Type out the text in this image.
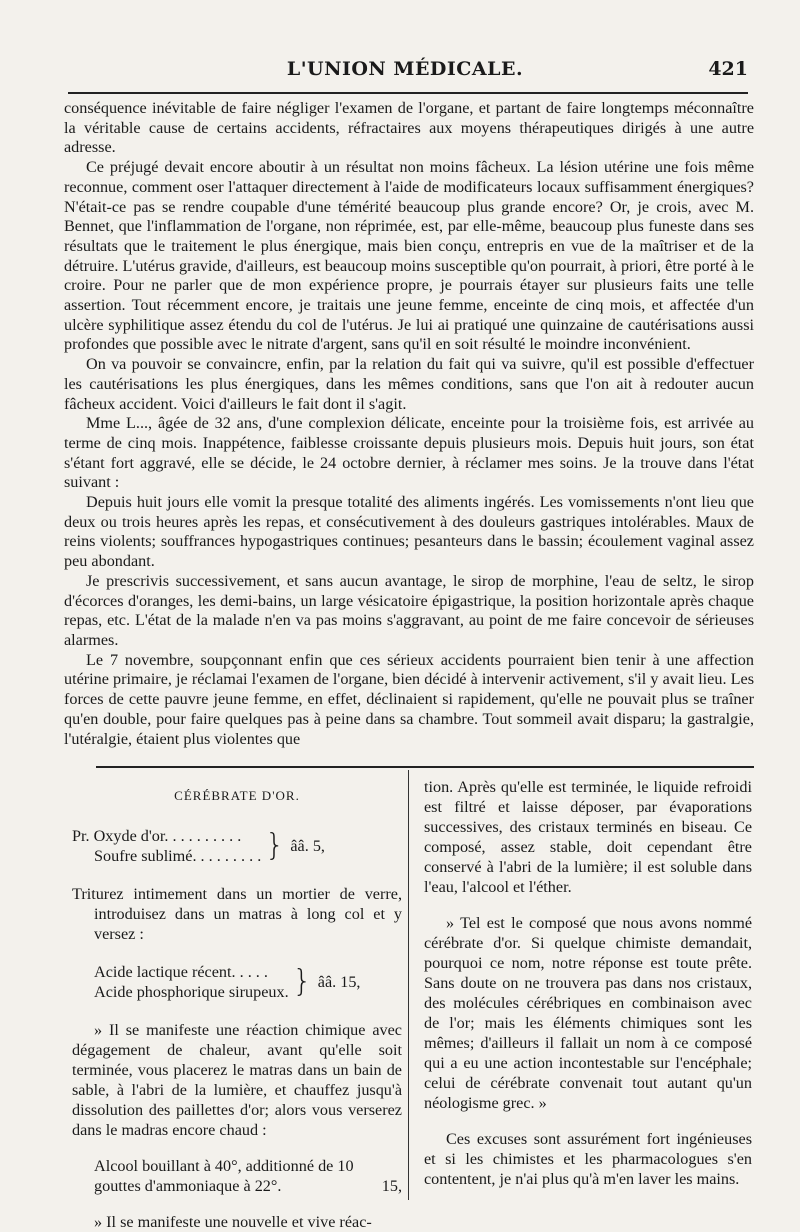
L'UNION MÉDICALE.	421

conséquence inévitable de faire négliger l'examen de l'organe, et partant de faire longtemps méconnaître la véritable cause de certains accidents, réfractaires aux moyens thérapeutiques dirigés à une autre adresse.

Ce préjugé devait encore aboutir à un résultat non moins fâcheux. La lésion utérine une fois même reconnue, comment oser l'attaquer directement à l'aide de modificateurs locaux suffisamment énergiques? N'était-ce pas se rendre coupable d'une témérité beaucoup plus grande encore? Or, je crois, avec M. Bennet, que l'inflammation de l'organe, non réprimée, est, par elle-même, beaucoup plus funeste dans ses résultats que le traitement le plus énergique, mais bien conçu, entrepris en vue de la maîtriser et de la détruire. L'utérus gravide, d'ailleurs, est beaucoup moins susceptible qu'on pourrait, à priori, être porté à le croire. Pour ne parler que de mon expérience propre, je pourrais étayer sur plusieurs faits une telle assertion. Tout récemment encore, je traitais une jeune femme, enceinte de cinq mois, et affectée d'un ulcère syphilitique assez étendu du col de l'utérus. Je lui ai pratiqué une quinzaine de cautérisations aussi profondes que possible avec le nitrate d'argent, sans qu'il en soit résulté le moindre inconvénient.

On va pouvoir se convaincre, enfin, par la relation du fait qui va suivre, qu'il est possible d'effectuer les cautérisations les plus énergiques, dans les mêmes conditions, sans que l'on ait à redouter aucun fâcheux accident. Voici d'ailleurs le fait dont il s'agit.

Mme L..., âgée de 32 ans, d'une complexion délicate, enceinte pour la troisième fois, est arrivée au terme de cinq mois. Inappétence, faiblesse croissante depuis plusieurs mois. Depuis huit jours, son état s'étant fort aggravé, elle se décide, le 24 octobre dernier, à réclamer mes soins. Je la trouve dans l'état suivant :

Depuis huit jours elle vomit la presque totalité des aliments ingérés. Les vomissements n'ont lieu que deux ou trois heures après les repas, et consécutivement à des douleurs gastriques intolérables. Maux de reins violents; souffrances hypogastriques continues; pesanteurs dans le bassin; écoulement vaginal assez peu abondant.

Je prescrivis successivement, et sans aucun avantage, le sirop de morphine, l'eau de seltz, le sirop d'écorces d'oranges, les demi-bains, un large vésicatoire épigastrique, la position horizontale après chaque repas, etc. L'état de la malade n'en va pas moins s'aggravant, au point de me faire concevoir de sérieuses alarmes.

Le 7 novembre, soupçonnant enfin que ces sérieux accidents pourraient bien tenir à une affection utérine primaire, je réclamai l'examen de l'organe, bien décidé à intervenir activement, s'il y avait lieu. Les forces de cette pauvre jeune femme, en effet, déclinaient si rapidement, qu'elle ne pouvait plus se traîner qu'en double, pour faire quelques pas à peine dans sa chambre. Tout sommeil avait disparu; la gastralgie, l'utéralgie, étaient plus violentes que

CÉRÉBRATE D'OR.
Pr. Oxyde d'or. . . . . . . . . .
Soufre sublimé. . . . . . . . . } ââ. 5,

Triturez intimement dans un mortier de verre, introduisez dans un matras à long col et y versez :

Acide lactique récent. . . . .
Acide phosphorique sirupeux. } ââ. 15,

» Il se manifeste une réaction chimique avec dégagement de chaleur, avant qu'elle soit terminée, vous placerez le matras dans un bain de sable, à l'abri de la lumière, et chauffez jusqu'à dissolution des paillettes d'or; alors vous verserez dans le madras encore chaud :

Alcool bouillant à 40°, additionné de 10 gouttes d'ammoniaque à 22°.	15,

» Il se manifeste une nouvelle et vive réac-

tion. Après qu'elle est terminée, le liquide refroidi est filtré et laisse déposer, par évaporations successives, des cristaux terminés en biseau. Ce composé, assez stable, doit cependant être conservé à l'abri de la lumière; il est soluble dans l'eau, l'alcool et l'éther.

» Tel est le composé que nous avons nommé cérébrate d'or. Si quelque chimiste demandait, pourquoi ce nom, notre réponse est toute prête. Sans doute on ne trouvera pas dans nos cristaux, des molécules cérébriques en combinaison avec de l'or; mais les éléments chimiques sont les mêmes; d'ailleurs il fallait un nom à ce composé qui a eu une action incontestable sur l'encéphale; celui de cérébrate convenait tout autant qu'un néologisme grec. »

Ces excuses sont assurément fort ingénieuses et si les chimistes et les pharmacologues s'en contentent, je n'ai plus qu'à m'en laver les mains.
